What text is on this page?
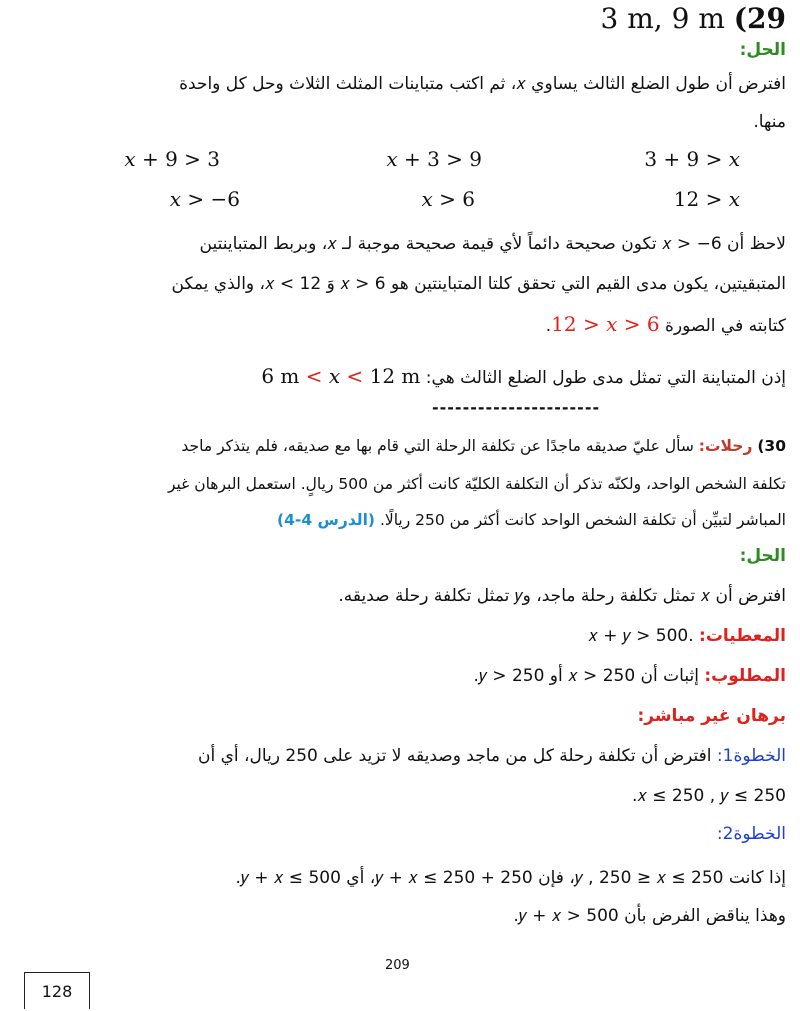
3 m, 9 m (29
الحل:
افترض أن طول الضلع الثالث يساوي 𝑥، ثم اكتب متباينات المثلث الثلاث وحل كل واحدة
منها.
3 + 9 > 𝑥
𝑥 + 3 > 9
𝑥 + 9 > 3
12 > 𝑥
𝑥 > 6
𝑥 > −6
لاحظ أن 6− < 𝑥 تكون صحيحة دائماً لأي قيمة صحيحة موجبة لـ 𝑥، وبربط المتباينتين
المتبقيتين، يكون مدى القيم التي تحقق كلتا المتباينتين هو 6 < 𝑥 وَ 𝑥 < 12، والذي يمكن
كتابته في الصورة 12 > 𝑥 > 6.
إذن المتباينة التي تمثل مدى طول الضلع الثالث هي: 6 m < 𝑥 < 12 m
----------------------
30) رحلات: سأل عليّ صديقه ماجدًا عن تكلفة الرحلة التي قام بها مع صديقه، فلم يتذكر ماجد
تكلفة الشخص الواحد، ولكنّه تذكر أن التكلفة الكليّة كانت أكثر من 500 ريالٍ. استعمل البرهان غير
المباشر لتبيِّن أن تكلفة الشخص الواحد كانت أكثر من 250 ريالًا. (الدرس 4-4)
الحل:
افترض أن 𝑥 تمثل تكلفة رحلة ماجد، و𝑦 تمثل تكلفة رحلة صديقه.
المعطيات: .𝑥 + 𝑦 > 500
المطلوب: إثبات أن 250 < 𝑥 أو 250 < 𝑦.
برهان غير مباشر:
الخطوة1: افترض أن تكلفة رحلة كل من ماجد وصديقه لا تزيد على 250 ريال، أي أن
.𝑥 ≤ 250 , 𝑦 ≤ 250
الخطوة2:
إذا كانت 250 ≥ 𝑦 , 250 ≥ 𝑥، فإن 250 + 250 ≥ 𝑦 + 𝑥، أي 500 ≥ 𝑦 + 𝑥.
وهذا يناقض الفرض بأن 500 < 𝑦 + 𝑥.
209
128
